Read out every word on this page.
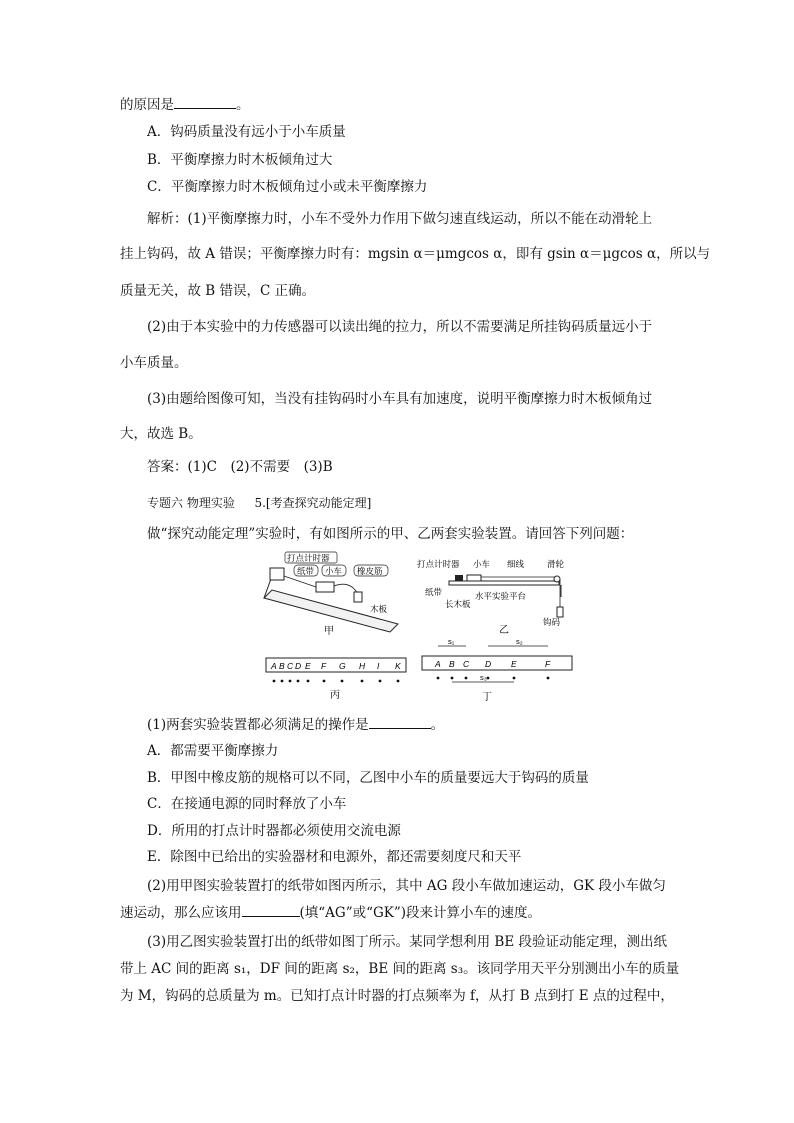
的原因是	。
A．钩码质量没有远小于小车质量
B．平衡摩擦力时木板倾角过大
C．平衡摩擦力时木板倾角过小或未平衡摩擦力
解析：(1)平衡摩擦力时，小车不受外力作用下做匀速直线运动，所以不能在动滑轮上
挂上钩码，故 A 错误；平衡摩擦力时有：mgsin α＝μmgcos α，即有 gsin α＝μgcos α，所以与
质量无关，故 B 错误，C 正确。
(2)由于本实验中的力传感器可以读出绳的拉力，所以不需要满足所挂钩码质量远小于
小车质量。
(3)由题给图像可知，当没有挂钩码时小车具有加速度，说明平衡摩擦力时木板倾角过
大，故选 B。
答案：(1)C　(2)不需要　(3)B
专题六 物理实验 5.[考查探究动能定理]
做“探究动能定理”实验时，有如图所示的甲、乙两套实验装置。请回答下列问题：
打点计时器
纸带 小车 橡皮筋
木板
甲
打点计时器 小车 细线	滑轮
纸带
长木板
水平实验平台
钩码
乙
A B C D E F G H I K
丙
s₁	s₂
s₃
A B C D E	F
丁
(1)两套实验装置都必须满足的操作是	。
A．都需要平衡摩擦力
B．甲图中橡皮筋的规格可以不同，乙图中小车的质量要远大于钩码的质量
C．在接通电源的同时释放了小车
D．所用的打点计时器都必须使用交流电源
E．除图中已给出的实验器材和电源外，都还需要刻度尺和天平
(2)用甲图实验装置打的纸带如图丙所示，其中 AG 段小车做加速运动，GK 段小车做匀
速运动，那么应该用	(填“AG”或“GK”)段来计算小车的速度。
(3)用乙图实验装置打出的纸带如图丁所示。某同学想利用 BE 段验证动能定理，测出纸
带上 AC 间的距离 s₁，DF 间的距离 s₂，BE 间的距离 s₃。该同学用天平分别测出小车的质量
为 M，钩码的总质量为 m。已知打点计时器的打点频率为 f，从打 B 点到打 E 点的过程中，
